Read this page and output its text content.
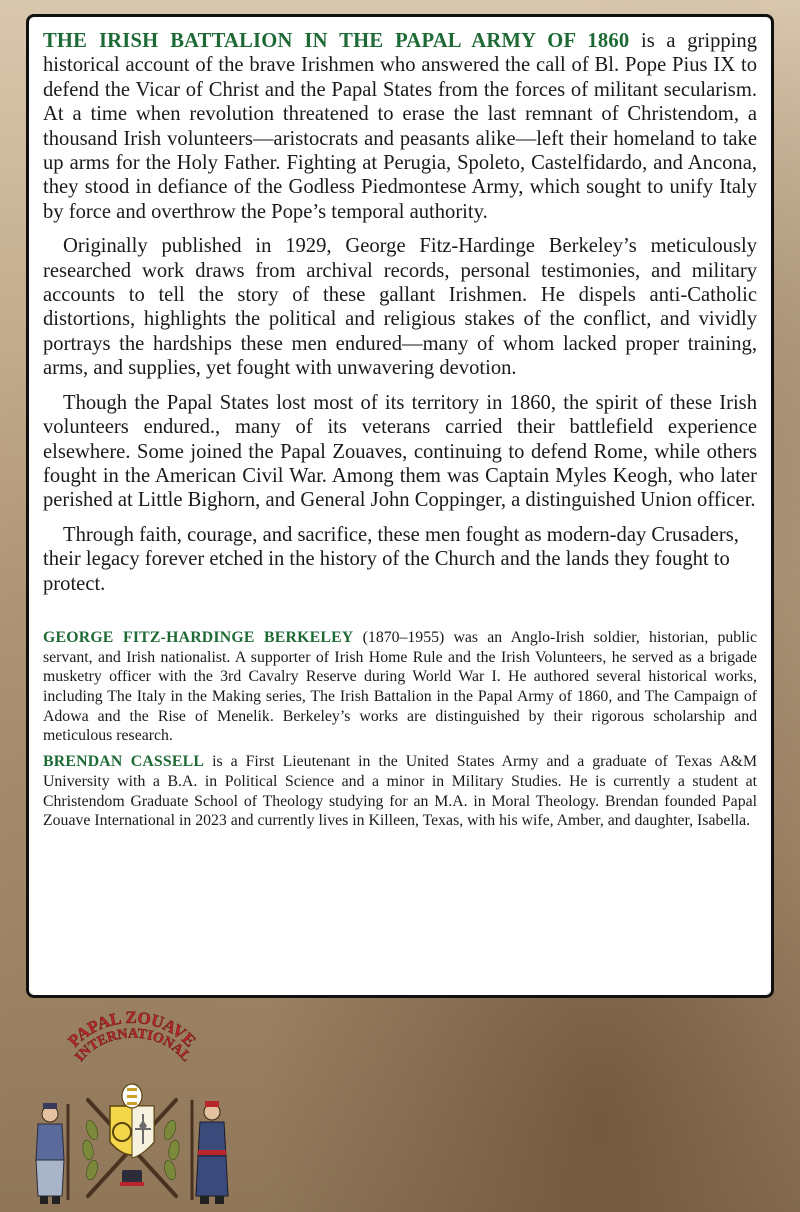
THE IRISH BATTALION IN THE PAPAL ARMY OF 1860 is a gripping historical account of the brave Irishmen who answered the call of Bl. Pope Pius IX to defend the Vicar of Christ and the Papal States from the forces of militant secularism. At a time when revolution threatened to erase the last remnant of Christendom, a thousand Irish volunteers—aristocrats and peasants alike—left their homeland to take up arms for the Holy Father. Fighting at Perugia, Spoleto, Castelfidardo, and Ancona, they stood in defiance of the Godless Piedmontese Army, which sought to unify Italy by force and overthrow the Pope’s temporal authority.

Originally published in 1929, George Fitz-Hardinge Berkeley’s meticulously researched work draws from archival records, personal testimonies, and military accounts to tell the story of these gallant Irishmen. He dispels anti-Catholic distortions, highlights the political and religious stakes of the conflict, and vividly portrays the hardships these men endured—many of whom lacked proper training, arms, and supplies, yet fought with unwavering devotion.

Though the Papal States lost most of its territory in 1860, the spirit of these Irish volunteers endured., many of its veterans carried their battlefield experience elsewhere. Some joined the Papal Zouaves, continuing to defend Rome, while others fought in the American Civil War. Among them was Captain Myles Keogh, who later perished at Little Bighorn, and General John Coppinger, a distinguished Union officer.

Through faith, courage, and sacrifice, these men fought as modern-day Crusaders, their legacy forever etched in the history of the Church and the lands they fought to protect.

GEORGE FITZ-HARDINGE BERKELEY (1870–1955) was an Anglo-Irish soldier, historian, public servant, and Irish nationalist. A supporter of Irish Home Rule and the Irish Volunteers, he served as a brigade musketry officer with the 3rd Cavalry Reserve during World War I. He authored several historical works, including The Italy in the Making series, The Irish Battalion in the Papal Army of 1860, and The Campaign of Adowa and the Rise of Menelik. Berkeley’s works are distinguished by their rigorous scholarship and meticulous research.

BRENDAN CASSELL is a First Lieutenant in the United States Army and a graduate of Texas A&M University with a B.A. in Political Science and a minor in Military Studies. He is currently a student at Christendom Graduate School of Theology studying for an M.A. in Moral Theology. Brendan founded Papal Zouave International in 2023 and currently lives in Killeen, Texas, with his wife, Amber, and daughter, Isabella.

PAPAL ZOUAVE
INTERNATIONAL
